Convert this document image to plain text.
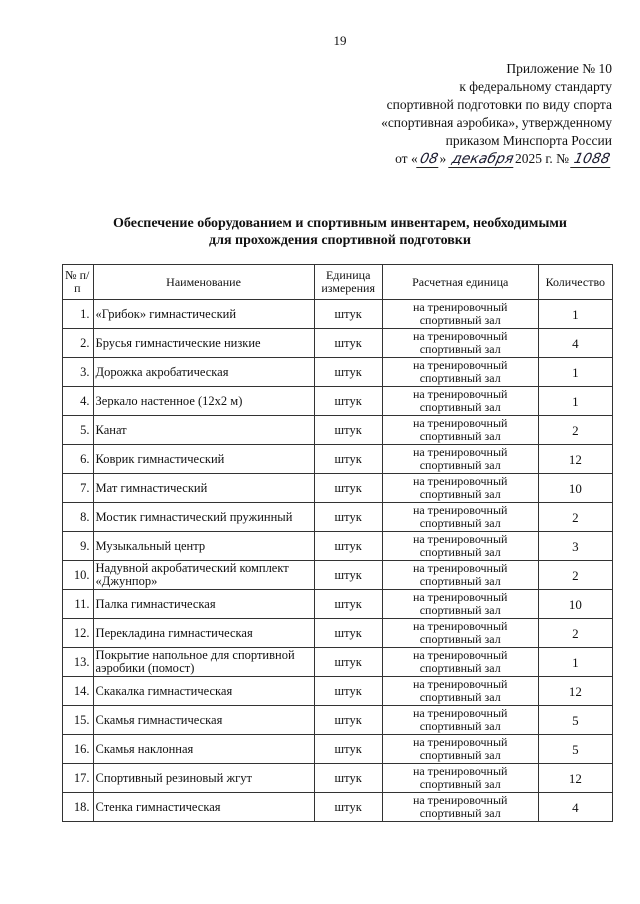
19
Приложение № 10
к федеральному стандарту
спортивной подготовки по виду спорта
«спортивная аэробика», утвержденному
приказом Минспорта России
от «08» декабря2025 г. № 1088
Обеспечение оборудованием и спортивным инвентарем, необходимыми
для прохождения спортивной подготовки
№ п/п	Наименование	Единица измерения	Расчетная единица	Количество
1.	«Грибок» гимнастический	штук	на тренировочный спортивный зал	1
2.	Брусья гимнастические низкие	штук	на тренировочный спортивный зал	4
3.	Дорожка акробатическая	штук	на тренировочный спортивный зал	1
4.	Зеркало настенное (12х2 м)	штук	на тренировочный спортивный зал	1
5.	Канат	штук	на тренировочный спортивный зал	2
6.	Коврик гимнастический	штук	на тренировочный спортивный зал	12
7.	Мат гимнастический	штук	на тренировочный спортивный зал	10
8.	Мостик гимнастический пружинный	штук	на тренировочный спортивный зал	2
9.	Музыкальный центр	штук	на тренировочный спортивный зал	3
10.	Надувной акробатический комплект «Джунпор»	штук	на тренировочный спортивный зал	2
11.	Палка гимнастическая	штук	на тренировочный спортивный зал	10
12.	Перекладина гимнастическая	штук	на тренировочный спортивный зал	2
13.	Покрытие напольное для спортивной аэробики (помост)	штук	на тренировочный спортивный зал	1
14.	Скакалка гимнастическая	штук	на тренировочный спортивный зал	12
15.	Скамья гимнастическая	штук	на тренировочный спортивный зал	5
16.	Скамья наклонная	штук	на тренировочный спортивный зал	5
17.	Спортивный резиновый жгут	штук	на тренировочный спортивный зал	12
18.	Стенка гимнастическая	штук	на тренировочный спортивный зал	4
